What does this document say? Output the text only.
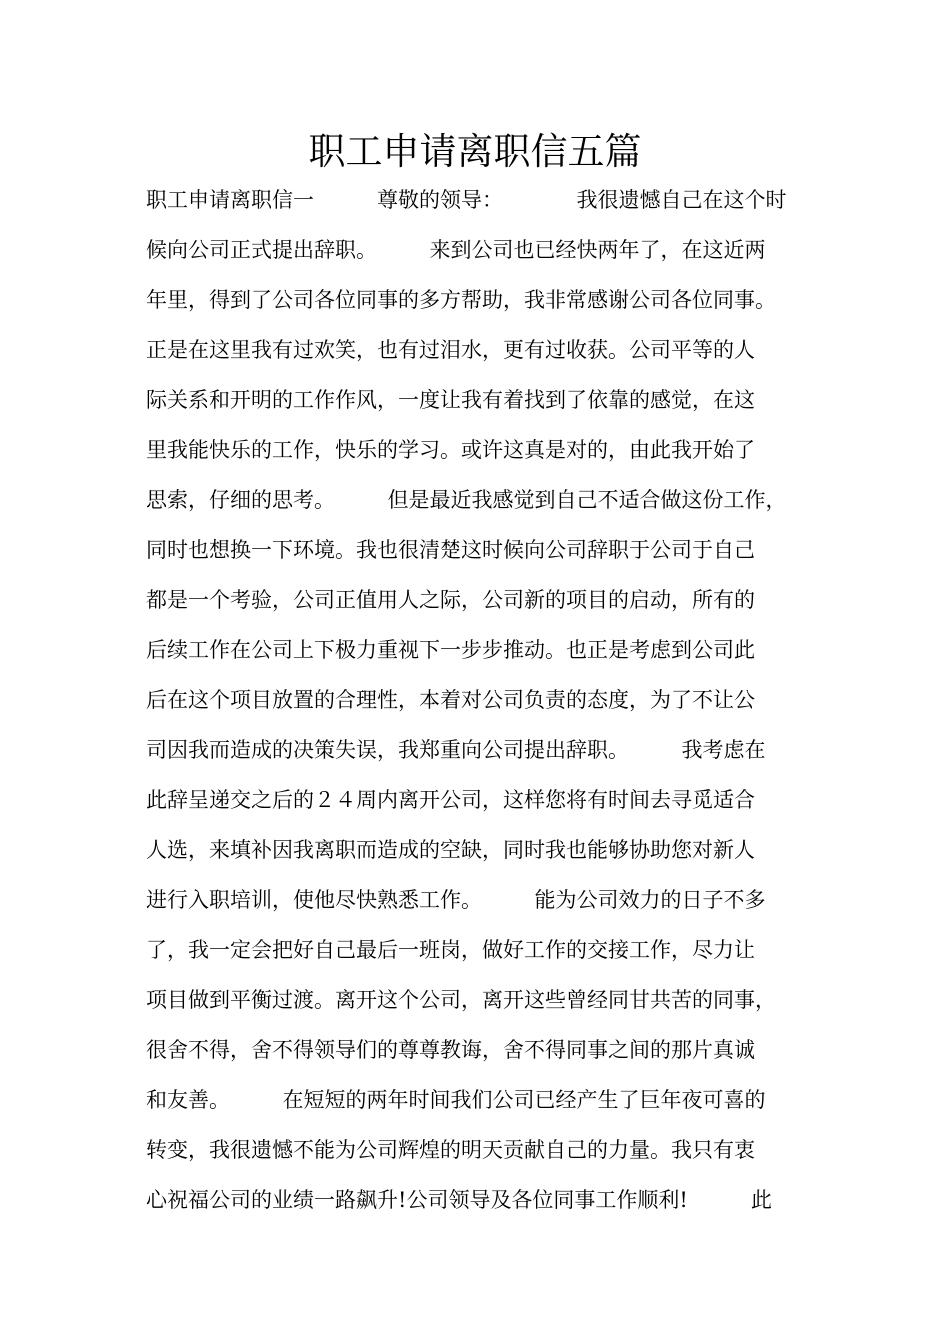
职工申请离职信五篇
职工申请离职信一　　　尊敬的领导：　　　　我很遗憾自己在这个时
候向公司正式提出辞职。　　　来到公司也已经快两年了，在这近两
年里，得到了公司各位同事的多方帮助，我非常感谢公司各位同事。
正是在这里我有过欢笑，也有过泪水，更有过收获。公司平等的人
际关系和开明的工作作风，一度让我有着找到了依靠的感觉，在这
里我能快乐的工作，快乐的学习。或许这真是对的，由此我开始了
思索，仔细的思考。　　　但是最近我感觉到自己不适合做这份工作，
同时也想换一下环境。我也很清楚这时候向公司辞职于公司于自己
都是一个考验，公司正值用人之际，公司新的项目的启动，所有的
后续工作在公司上下极力重视下一步步推动。也正是考虑到公司此
后在这个项目放置的合理性，本着对公司负责的态度，为了不让公
司因我而造成的决策失误，我郑重向公司提出辞职。　　　我考虑在
此辞呈递交之后的２４周内离开公司，这样您将有时间去寻觅适合
人选，来填补因我离职而造成的空缺，同时我也能够协助您对新人
进行入职培训，使他尽快熟悉工作。　　　能为公司效力的日子不多
了，我一定会把好自己最后一班岗，做好工作的交接工作，尽力让
项目做到平衡过渡。离开这个公司，离开这些曾经同甘共苦的同事，
很舍不得，舍不得领导们的尊尊教诲，舍不得同事之间的那片真诚
和友善。　　　在短短的两年时间我们公司已经产生了巨年夜可喜的
转变，我很遗憾不能为公司辉煌的明天贡献自己的力量。我只有衷
心祝福公司的业绩一路飙升!公司领导及各位同事工作顺利!　　　此
